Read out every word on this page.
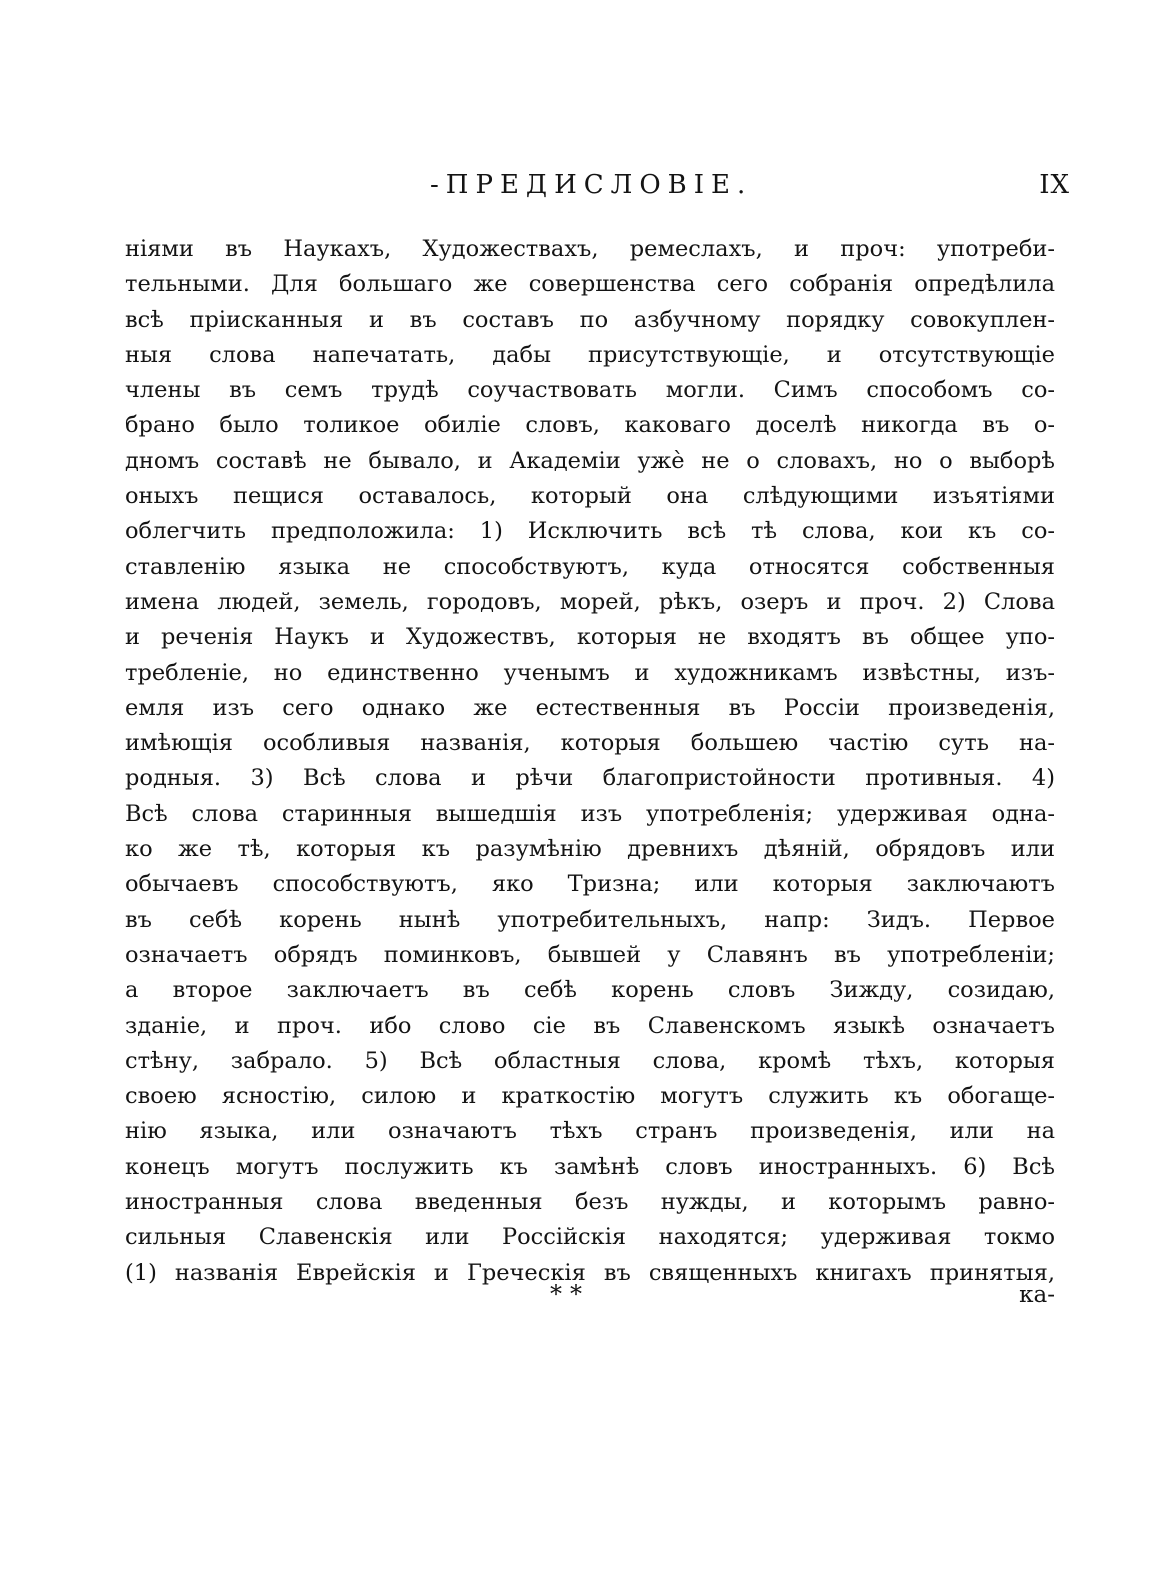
-ПРЕДИСЛОВІЕ.	IX
ніями въ Наукахъ, Художествахъ, ремеслахъ, и проч: употреби-
тельными. Для большаго же совершенства сего собранія опредѣлила
всѣ пріисканныя и въ составъ по азбучному порядку совокуплен-
ныя слова напечатать, дабы присутствующіе, и отсутствующіе
члены въ семъ трудѣ соучаствовать могли. Симъ способомъ со-
брано было толикое обиліе словъ, каковаго доселѣ никогда въ о-
дномъ составѣ не бывало, и Академіи ужѐ не о словахъ, но о выборѣ
оныхъ пещися оставалось, который она слѣдующими изъятіями
облегчить предположила: 1) Исключить всѣ тѣ слова, кои къ со-
ставленію языка не способствуютъ, куда относятся собственныя
имена людей, земель, городовъ, морей, рѣкъ, озеръ и проч. 2) Слова
и реченія Наукъ и Художествъ, которыя не входятъ въ общее упо-
требленіе, но единственно ученымъ и художникамъ извѣстны, изъ-
емля изъ сего однако же естественныя въ Россіи произведенія,
имѣющія особливыя названія, которыя большею частію суть на-
родныя. 3) Всѣ слова и рѣчи благопристойности противныя. 4)
Всѣ слова старинныя вышедшія изъ употребленія; удерживая одна-
ко же тѣ, которыя къ разумѣнію древнихъ дѣяній, обрядовъ или
обычаевъ способствуютъ, яко Тризна; или которыя заключаютъ
въ себѣ корень нынѣ употребительныхъ, напр: Зидъ. Первое
означаетъ обрядъ поминковъ, бывшей у Славянъ въ употребленіи;
а второе заключаетъ въ себѣ корень словъ Зижду, созидаю,
зданіе, и проч. ибо слово сіе въ Славенскомъ языкѣ означаетъ
стѣну, забрало. 5) Всѣ областныя слова, кромѣ тѣхъ, которыя
своею ясностію, силою и краткостію могутъ служить къ обогаще-
нію языка, или означаютъ тѣхъ странъ произведенія, или на
конецъ могутъ послужить къ замѣнѣ словъ иностранныхъ. 6) Всѣ
иностранныя слова введенныя безъ нужды, и которымъ равно-
сильныя Славенскія или Россійскія находятся; удерживая токмо
(1) названія Еврейскія и Греческія въ священныхъ книгахъ принятыя,
**	ка-
